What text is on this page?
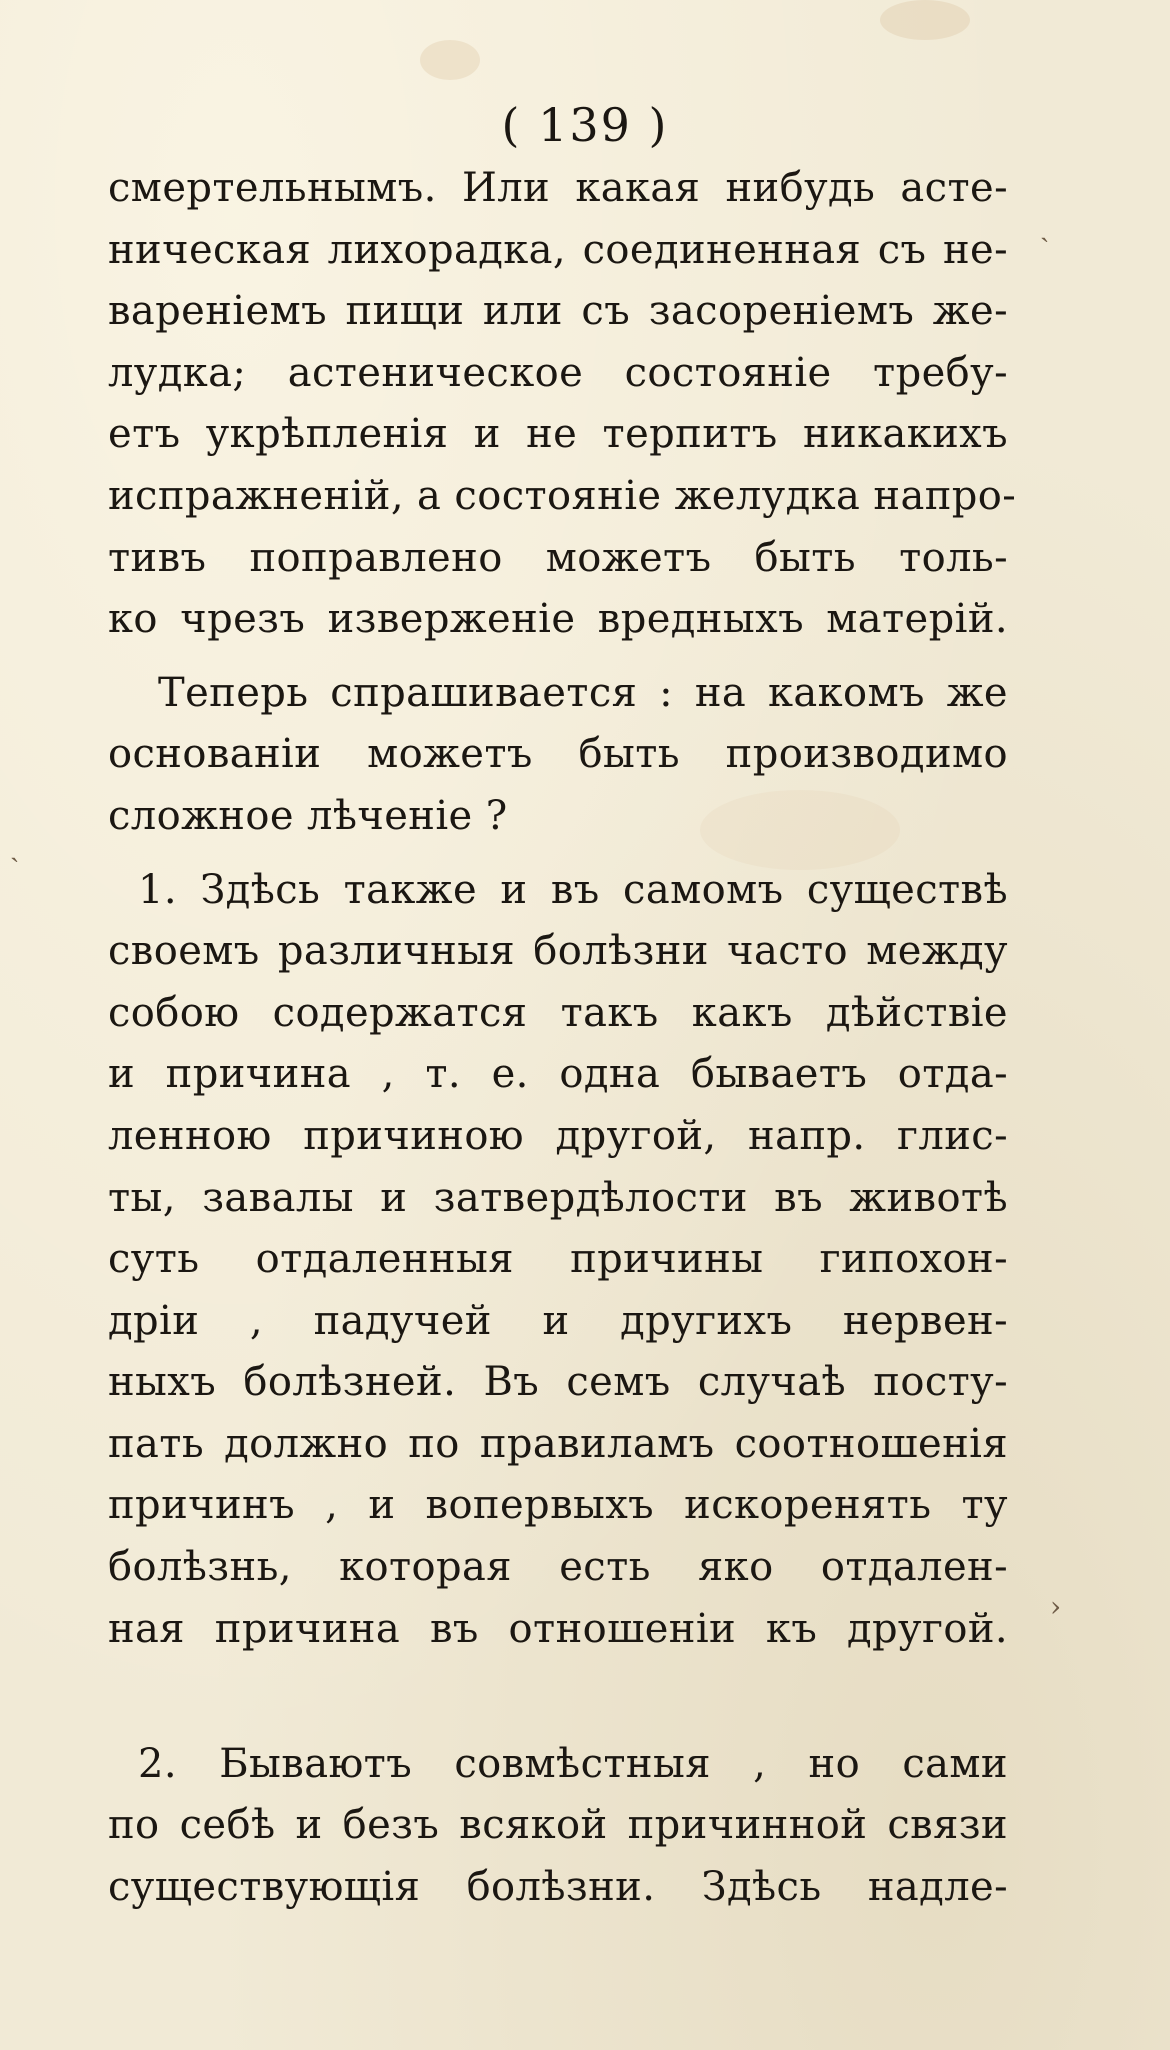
ˏ
ˎ
›
( 139 )
смертельнымъ. Или какая нибудь асте-
ническая лихорадка, соединенная съ не-
варенiемъ пищи или съ засоренiемъ же-
лудка; астеническое состоянiе требу-
етъ укрѣпленiя и не терпитъ никакихъ
испражненiй, а состоянiе желудка напро-
тивъ поправлено можетъ быть толь-
ко чрезъ изверженiе вредныхъ матерiй.
Теперь спрашивается : на какомъ же
основанiи можетъ быть производимо
сложное лѣченiе ?
1. Здѣсь также и въ самомъ существѣ
своемъ различныя болѣзни часто между
собою содержатся такъ какъ дѣйствiе
и причина , т. е. одна бываетъ отда-
ленною причиною другой, напр. глис-
ты, завалы и затвердѣлости въ животѣ
суть отдаленныя причины гипохон-
дрiи , падучей и другихъ нервен-
ныхъ болѣзней. Въ семъ случаѣ посту-
пать должно по правиламъ соотношенiя
причинъ , и вопервыхъ искоренять ту
болѣзнь, которая есть яко отдален-
ная причина въ отношенiи къ другой.
2. Бываютъ совмѣстныя , но сами
по себѣ и безъ всякой причинной связи
существующiя болѣзни. Здѣсь надле-
